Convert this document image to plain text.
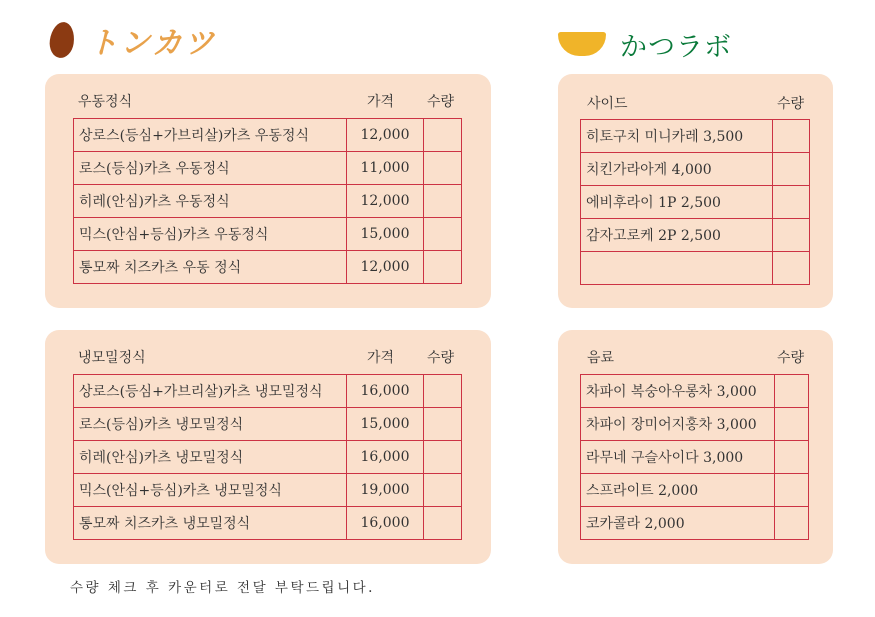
トンカツ	かつラボ
우동정식	가격 수량
상로스(등심+가브리살)카츠 우동정식	12,000	
로스(등심)카츠 우동정식	11,000	
히레(안심)카츠 우동정식	12,000	
믹스(안심+등심)카츠 우동정식	15,000	
통모짜 치즈카츠 우동 정식	12,000	
냉모밀정식	가격 수량
상로스(등심+가브리살)카츠 냉모밀정식	16,000	
로스(등심)카츠 냉모밀정식	15,000	
히레(안심)카츠 냉모밀정식	16,000	
믹스(안심+등심)카츠 냉모밀정식	19,000	
통모짜 치즈카츠 냉모밀정식	16,000	
사이드	수량
히토구치 미니카레 3,500	
치킨가라아게 4,000	
에비후라이 1P 2,500	
감자고로케 2P 2,500	

음료	수량
차파이 복숭아우롱차 3,000	
차파이 장미어지홍차 3,000	
라무네 구슬사이다 3,000	
스프라이트 2,000	
코카콜라 2,000	
수량 체크 후 카운터로 전달 부탁드립니다.
